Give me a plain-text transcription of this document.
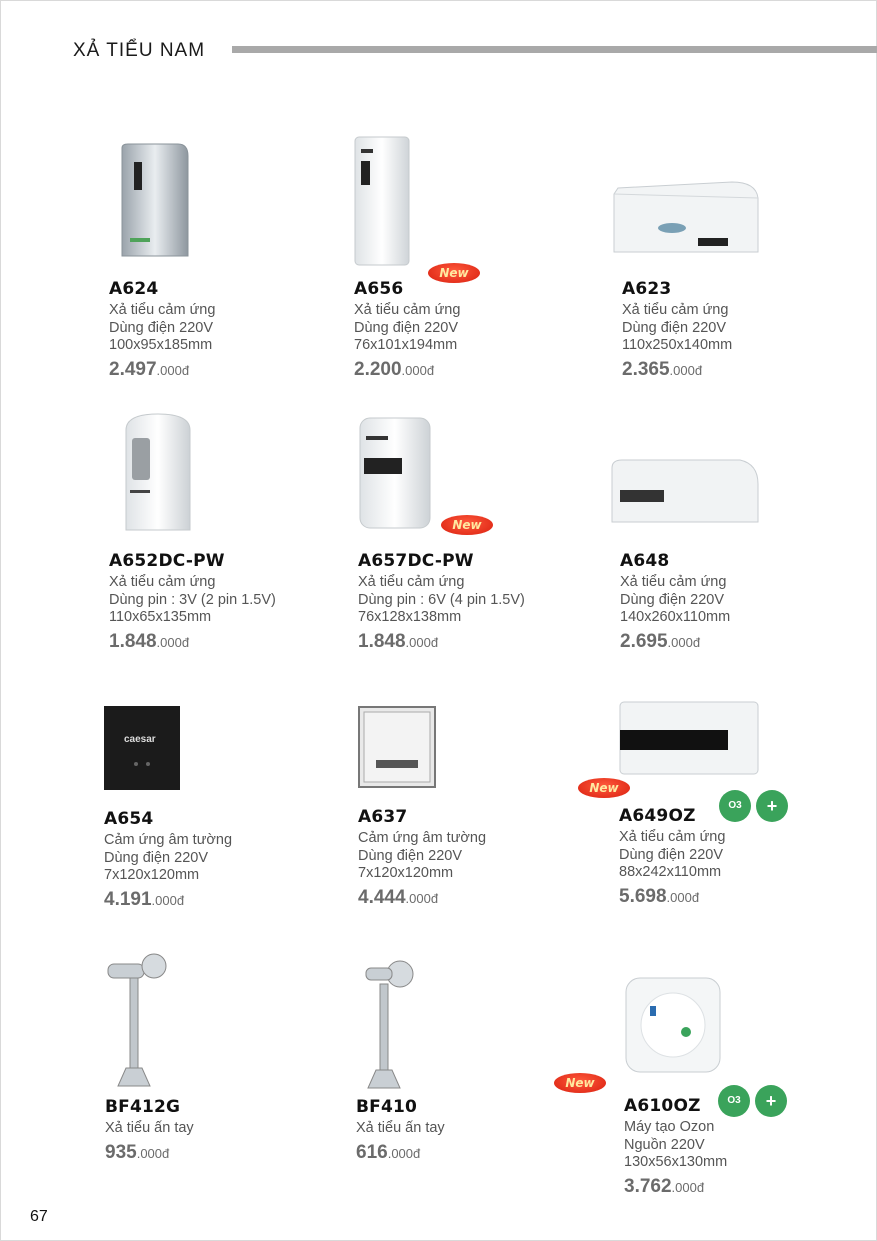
XẢ TIỂU NAM
New
New
caesar
New
O3	+
New
O3	+
A624
Xả tiểu cảm ứng
Dùng điện 220V
100x95x185mm
2.497.000đ
A656
Xả tiểu cảm ứng
Dùng điện 220V
76x101x194mm
2.200.000đ
A623
Xả tiểu cảm ứng
Dùng điện 220V
110x250x140mm
2.365.000đ
A652DC-PW
Xả tiểu cảm ứng
Dùng pin : 3V (2 pin 1.5V)
110x65x135mm
1.848.000đ
A657DC-PW
Xả tiểu cảm ứng
Dùng pin : 6V (4 pin 1.5V)
76x128x138mm
1.848.000đ
A648
Xả tiểu cảm ứng
Dùng điện 220V
140x260x110mm
2.695.000đ
A654
Cảm ứng âm tường
Dùng điện 220V
7x120x120mm
4.191.000đ
A637
Cảm ứng âm tường
Dùng điện 220V
7x120x120mm
4.444.000đ
A649OZ
Xả tiểu cảm ứng
Dùng điện 220V
88x242x110mm
5.698.000đ
BF412G
Xả tiểu ấn tay
935.000đ
BF410
Xả tiểu ấn tay
616.000đ
A610OZ
Máy tạo Ozon
Nguồn 220V
130x56x130mm
3.762.000đ
67
